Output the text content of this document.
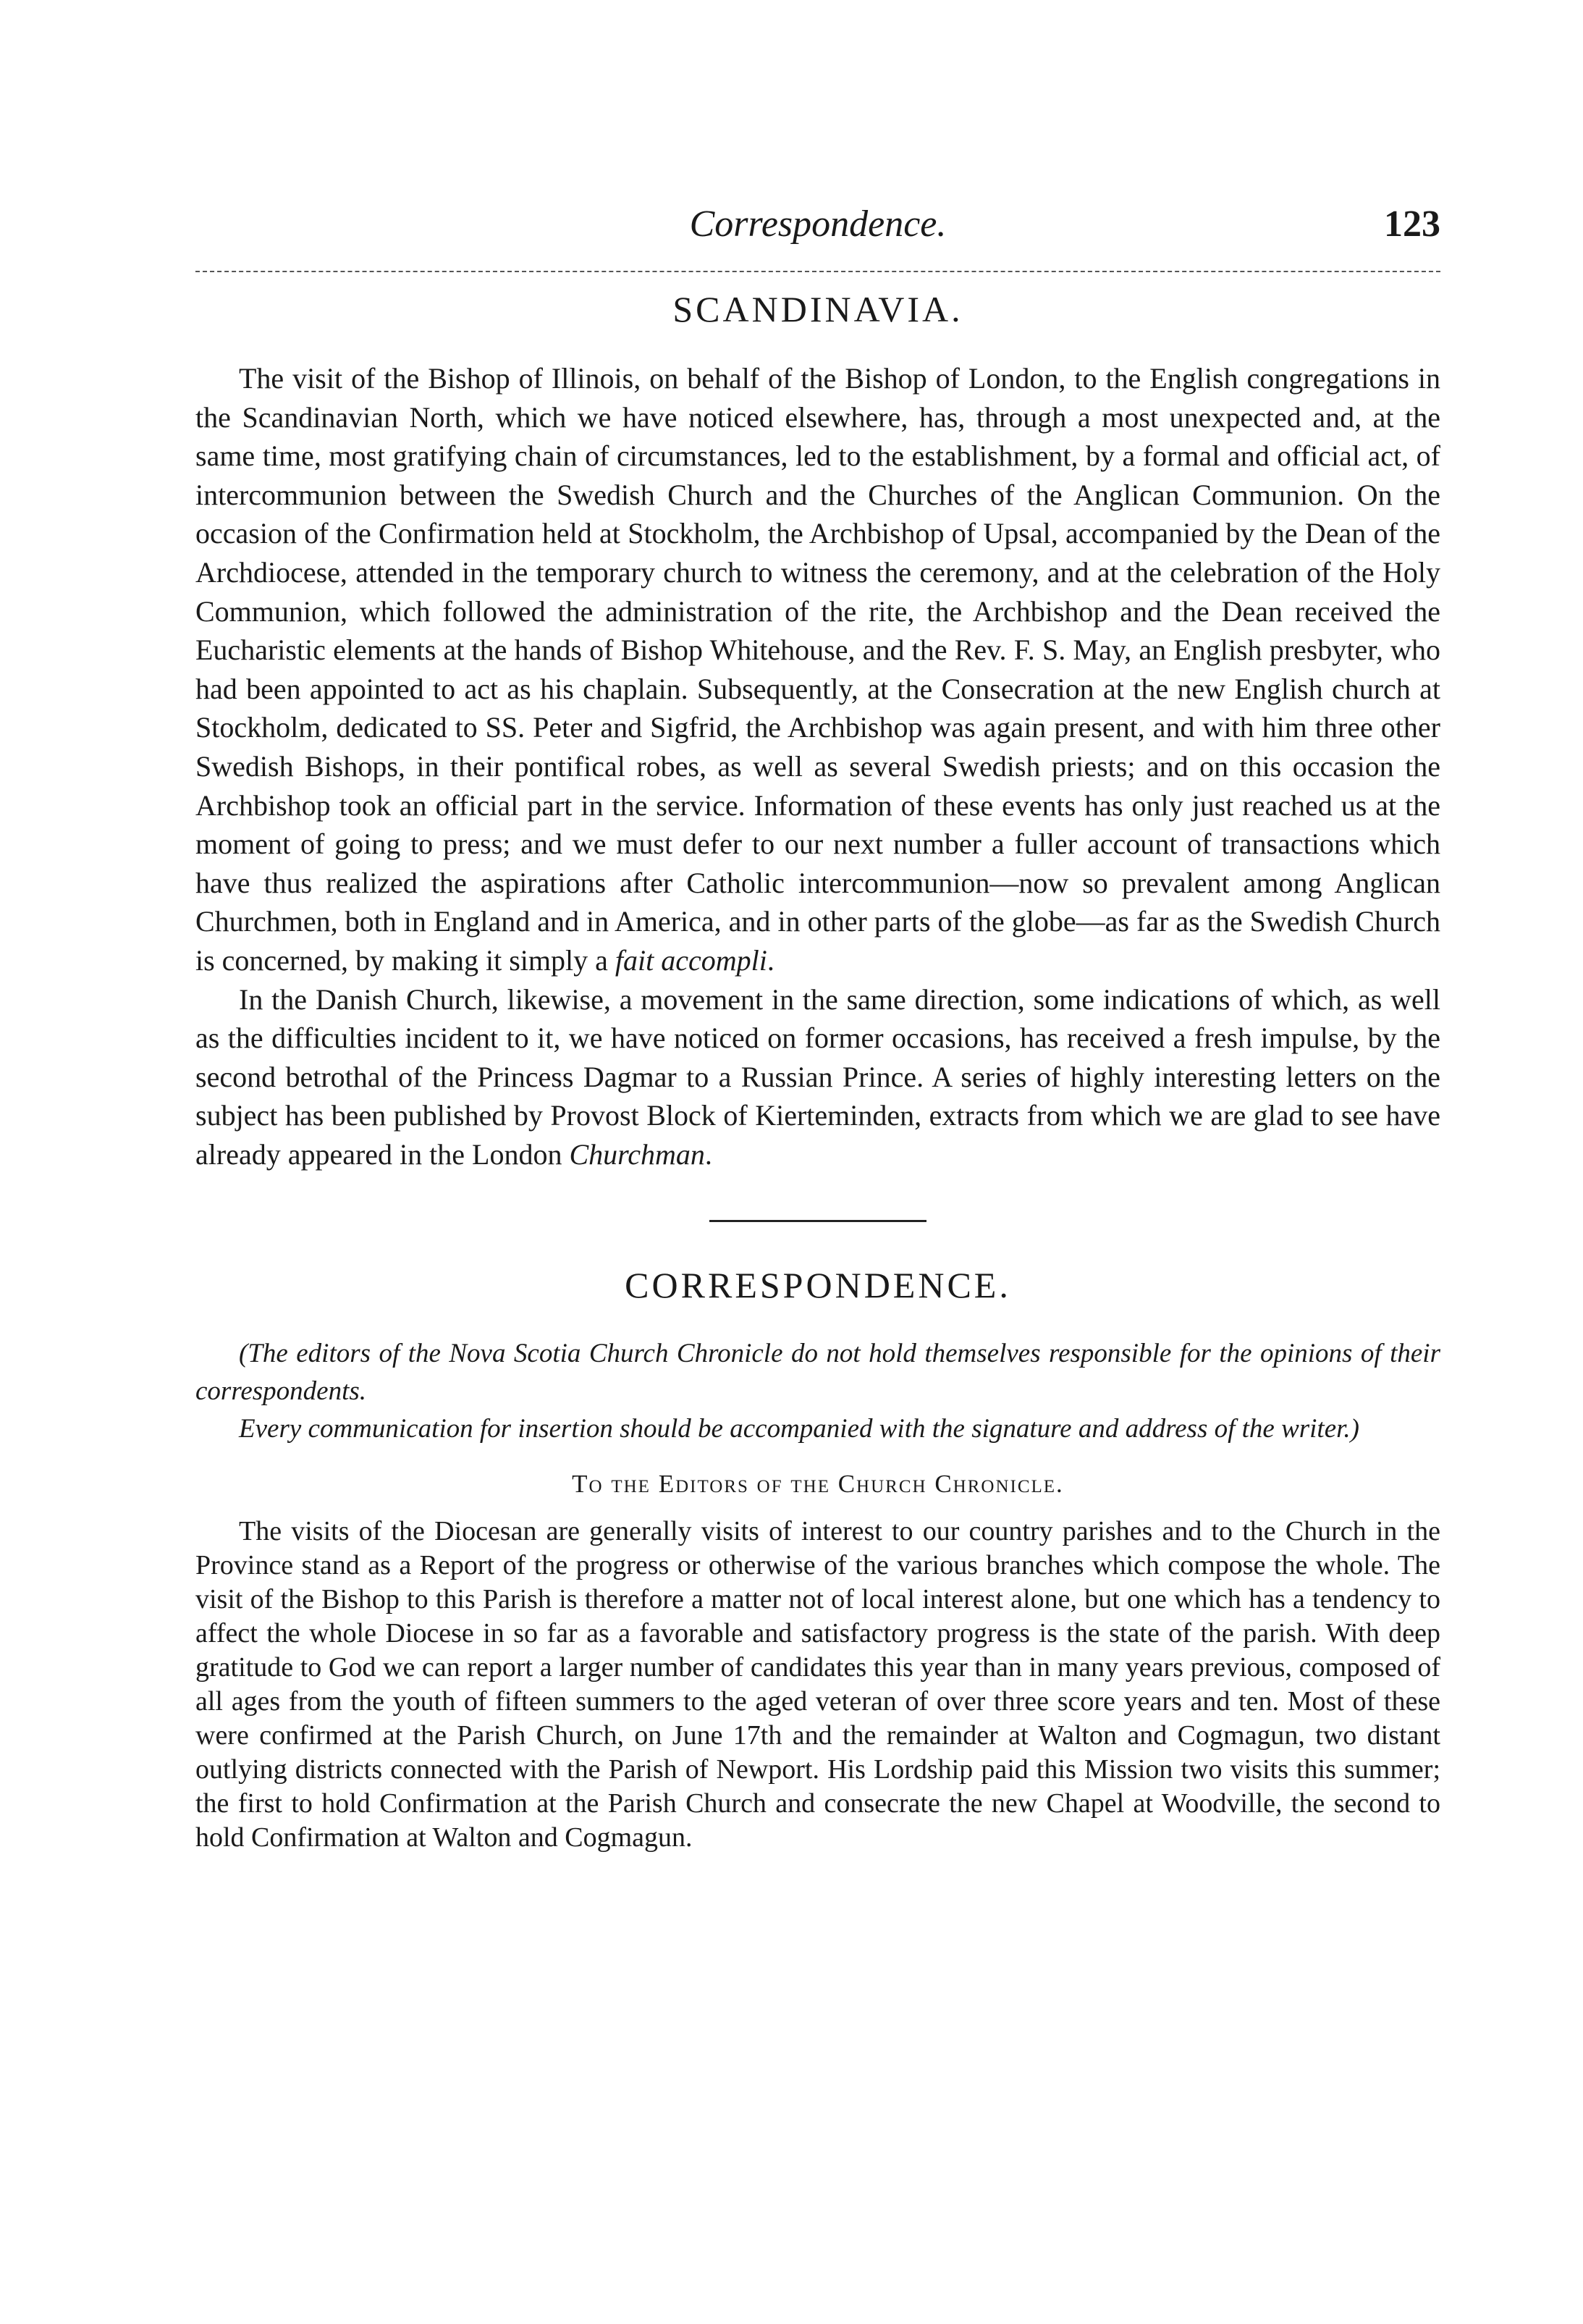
Correspondence.	123
SCANDINAVIA.

The visit of the Bishop of Illinois, on behalf of the Bishop of London, to the English congregations in the Scandinavian North, which we have noticed elsewhere, has, through a most unexpected and, at the same time, most gratifying chain of circumstances, led to the establishment, by a formal and official act, of intercommunion between the Swedish Church and the Churches of the Anglican Communion. On the occasion of the Confirmation held at Stockholm, the Archbishop of Upsal, accompanied by the Dean of the Archdiocese, attended in the temporary church to witness the ceremony, and at the celebration of the Holy Communion, which followed the administration of the rite, the Archbishop and the Dean received the Eucharistic elements at the hands of Bishop Whitehouse, and the Rev. F. S. May, an English presbyter, who had been appointed to act as his chaplain. Subsequently, at the Consecration at the new English church at Stockholm, dedicated to SS. Peter and Sigfrid, the Archbishop was again present, and with him three other Swedish Bishops, in their pontifical robes, as well as several Swedish priests; and on this occasion the Archbishop took an official part in the service. Information of these events has only just reached us at the moment of going to press; and we must defer to our next number a fuller account of transactions which have thus realized the aspirations after Catholic intercommunion—now so prevalent among Anglican Churchmen, both in England and in America, and in other parts of the globe—as far as the Swedish Church is concerned, by making it simply a fait accompli.

In the Danish Church, likewise, a movement in the same direction, some indications of which, as well as the difficulties incident to it, we have noticed on former occasions, has received a fresh impulse, by the second betrothal of the Princess Dagmar to a Russian Prince. A series of highly interesting letters on the subject has been published by Provost Block of Kierteminden, extracts from which we are glad to see have already appeared in the London Churchman.

CORRESPONDENCE.

(The editors of the Nova Scotia Church Chronicle do not hold themselves responsible for the opinions of their correspondents.

Every communication for insertion should be accompanied with the signature and address of the writer.)

To the Editors of the Church Chronicle.

The visits of the Diocesan are generally visits of interest to our country parishes and to the Church in the Province stand as a Report of the progress or otherwise of the various branches which compose the whole. The visit of the Bishop to this Parish is therefore a matter not of local interest alone, but one which has a tendency to affect the whole Diocese in so far as a favorable and satisfactory progress is the state of the parish. With deep gratitude to God we can report a larger number of candidates this year than in many years previous, composed of all ages from the youth of fifteen summers to the aged veteran of over three score years and ten. Most of these were confirmed at the Parish Church, on June 17th and the remainder at Walton and Cogmagun, two distant outlying districts connected with the Parish of Newport. His Lordship paid this Mission two visits this summer; the first to hold Confirmation at the Parish Church and consecrate the new Chapel at Woodville, the second to hold Confirmation at Walton and Cogmagun.
